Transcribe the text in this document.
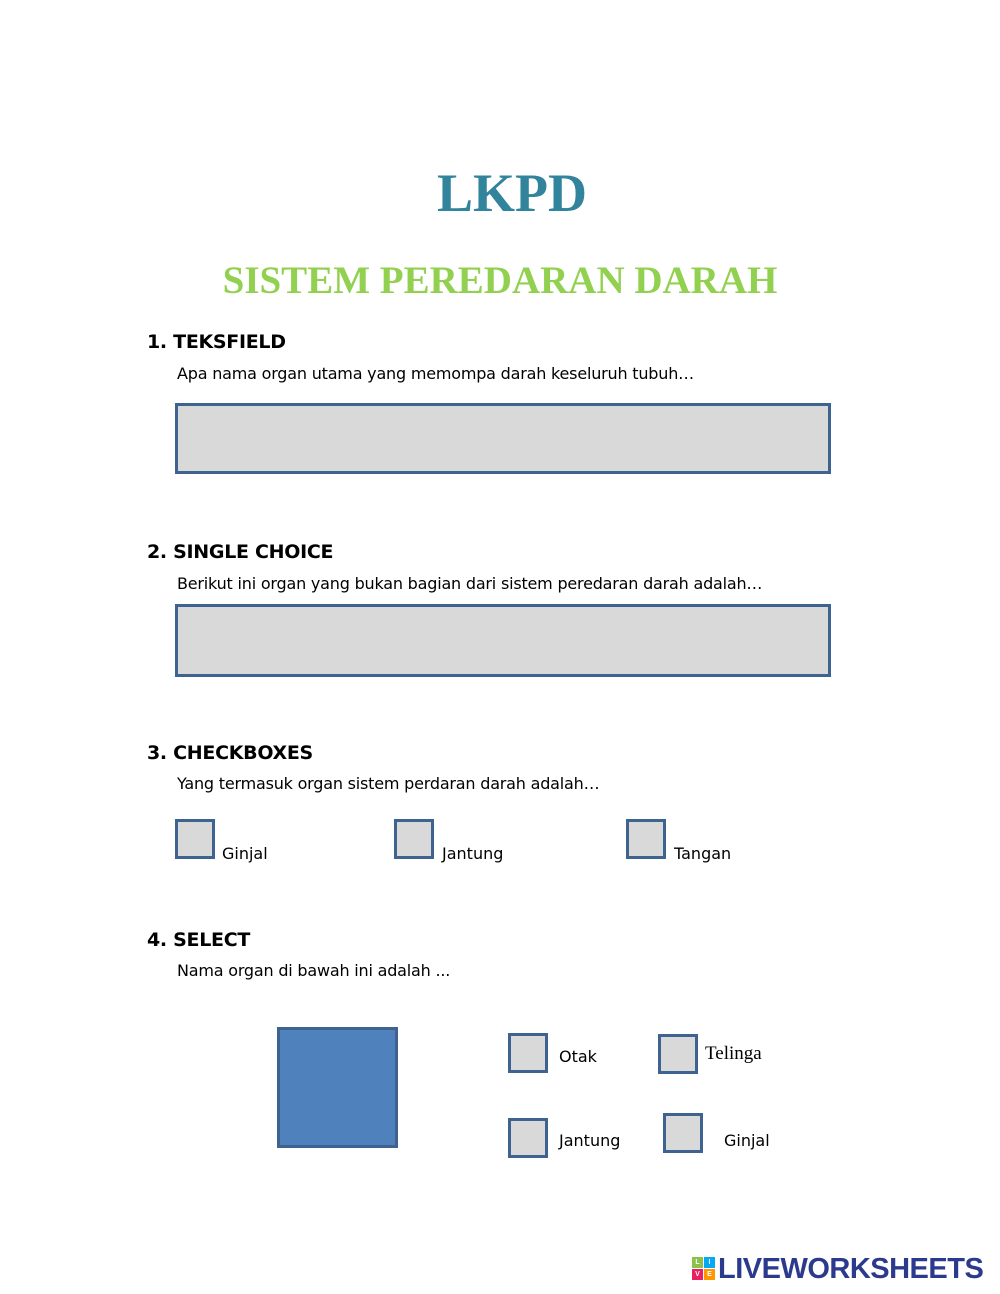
LKPD
SISTEM PEREDARAN DARAH
1. TEKSFIELD
Apa nama organ utama yang memompa darah keseluruh tubuh…
2. SINGLE CHOICE
Berikut ini organ yang bukan bagian dari sistem peredaran darah adalah…
3. CHECKBOXES
Yang termasuk organ sistem perdaran darah adalah…
Ginjal	Jantung	Tangan
4. SELECT
Nama organ di bawah ini adalah ...
Otak	Telinga
Jantung	Ginjal
L	I
V	E LIVEWORKSHEETS
